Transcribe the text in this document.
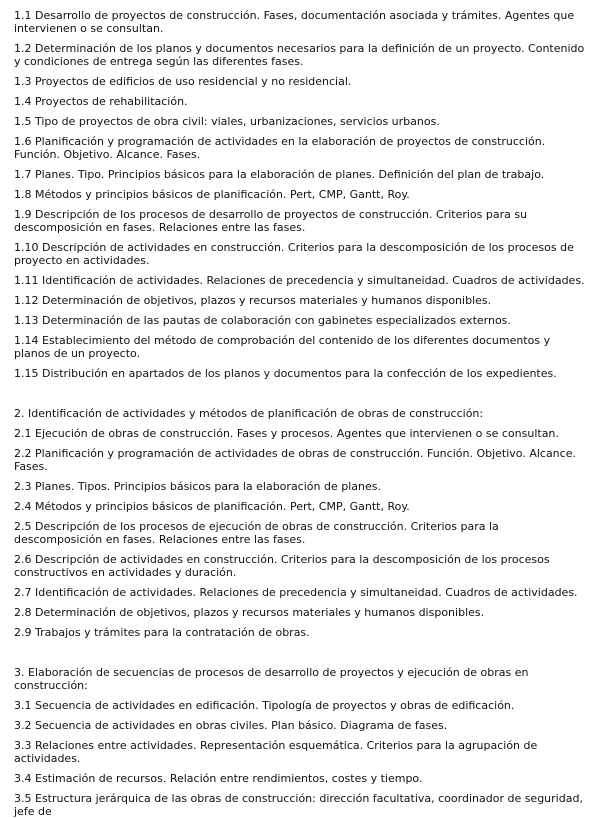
1.1 Desarrollo de proyectos de construcción. Fases, documentación asociada y trámites. Agentes que intervienen o se consultan.
1.2 Determinación de los planos y documentos necesarios para la definición de un proyecto. Contenido y condiciones de entrega según las diferentes fases.
1.3 Proyectos de edificios de uso residencial y no residencial.
1.4 Proyectos de rehabilitación.
1.5 Tipo de proyectos de obra civil: viales, urbanizaciones, servicios urbanos.
1.6 Planificación y programación de actividades en la elaboración de proyectos de construcción. Función. Objetivo. Alcance. Fases.
1.7 Planes. Tipo. Principios básicos para la elaboración de planes. Definición del plan de trabajo.
1.8 Métodos y principios básicos de planificación. Pert, CMP, Gantt, Roy.
1.9 Descripción de los procesos de desarrollo de proyectos de construcción. Criterios para su descomposición en fases. Relaciones entre las fases.
1.10 Descripción de actividades en construcción. Criterios para la descomposición de los procesos de proyecto en actividades.
1.11 Identificación de actividades. Relaciones de precedencia y simultaneidad. Cuadros de actividades.
1.12 Determinación de objetivos, plazos y recursos materiales y humanos disponibles.
1.13 Determinación de las pautas de colaboración con gabinetes especializados externos.
1.14 Establecimiento del método de comprobación del contenido de los diferentes documentos y planos de un proyecto.
1.15 Distribución en apartados de los planos y documentos para la confección de los expedientes.
2. Identificación de actividades y métodos de planificación de obras de construcción:
2.1 Ejecución de obras de construcción. Fases y procesos. Agentes que intervienen o se consultan.
2.2 Planificación y programación de actividades de obras de construcción. Función. Objetivo. Alcance. Fases.
2.3 Planes. Tipos. Principios básicos para la elaboración de planes.
2.4 Métodos y principios básicos de planificación. Pert, CMP, Gantt, Roy.
2.5 Descripción de los procesos de ejecución de obras de construcción. Criterios para la descomposición en fases. Relaciones entre las fases.
2.6 Descripción de actividades en construcción. Criterios para la descomposición de los procesos constructivos en actividades y duración.
2.7 Identificación de actividades. Relaciones de precedencia y simultaneidad. Cuadros de actividades.
2.8 Determinación de objetivos, plazos y recursos materiales y humanos disponibles.
2.9 Trabajos y trámites para la contratación de obras.
3. Elaboración de secuencias de procesos de desarrollo de proyectos y ejecución de obras en construcción:
3.1 Secuencia de actividades en edificación. Tipología de proyectos y obras de edificación.
3.2 Secuencia de actividades en obras civiles. Plan básico. Diagrama de fases.
3.3 Relaciones entre actividades. Representación esquemática. Criterios para la agrupación de actividades.
3.4 Estimación de recursos. Relación entre rendimientos, costes y tiempo.
3.5 Estructura jerárquica de las obras de construcción: dirección facultativa, coordinador de seguridad, jefe de
